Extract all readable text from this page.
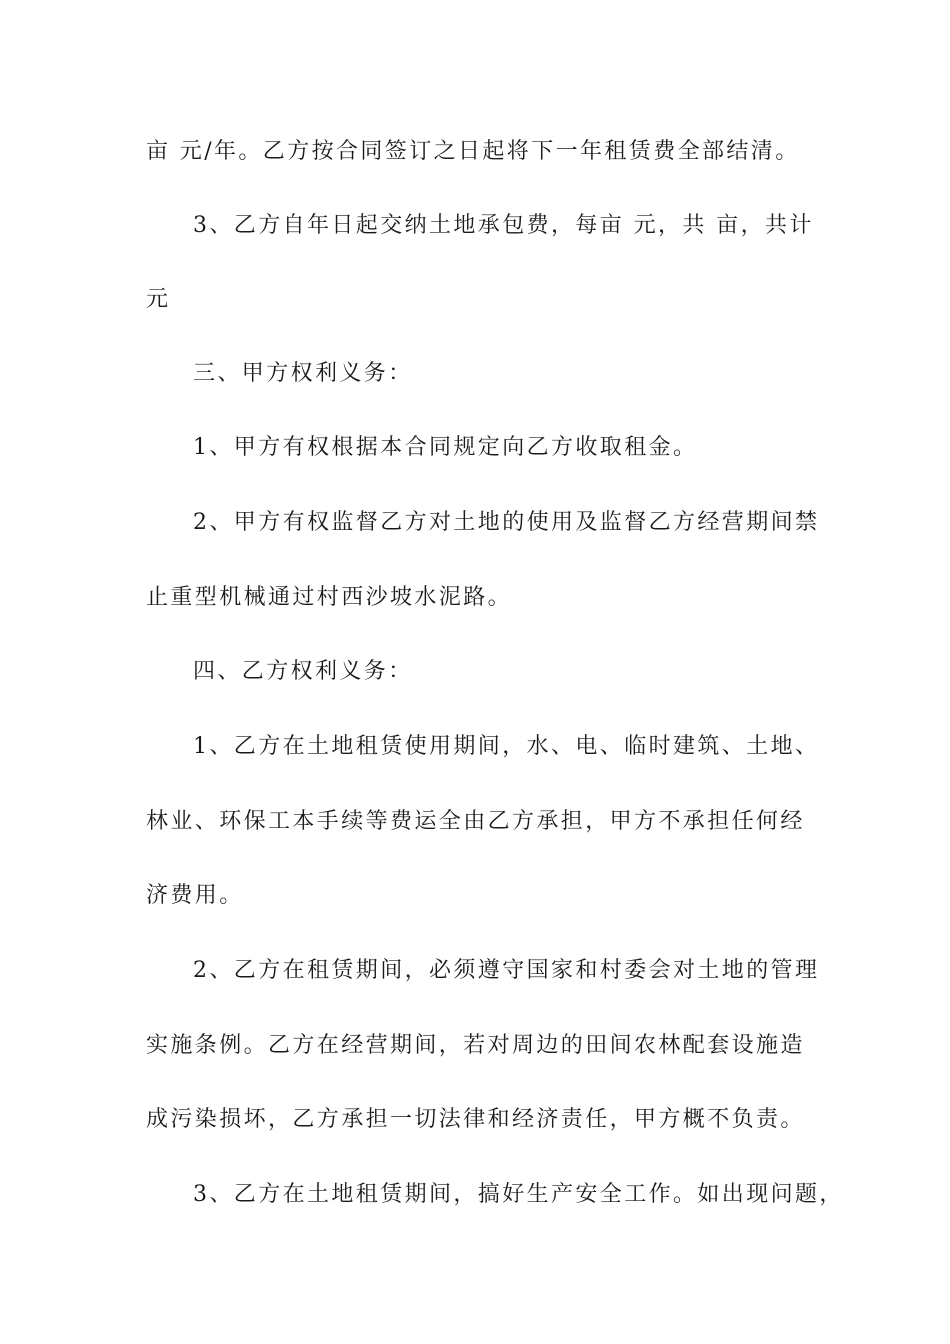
亩 元/年。乙方按合同签订之日起将下一年租赁费全部结清。
3、乙方自年日起交纳土地承包费，每亩 元，共 亩，共计
元
三、甲方权利义务：
1、甲方有权根据本合同规定向乙方收取租金。
2、甲方有权监督乙方对土地的使用及监督乙方经营期间禁
止重型机械通过村西沙坡水泥路。
四、乙方权利义务：
1、乙方在土地租赁使用期间，水、电、临时建筑、土地、
林业、环保工本手续等费运全由乙方承担，甲方不承担任何经
济费用。
2、乙方在租赁期间，必须遵守国家和村委会对土地的管理
实施条例。乙方在经营期间，若对周边的田间农林配套设施造
成污染损坏，乙方承担一切法律和经济责任，甲方概不负责。
3、乙方在土地租赁期间，搞好生产安全工作。如出现问题，
